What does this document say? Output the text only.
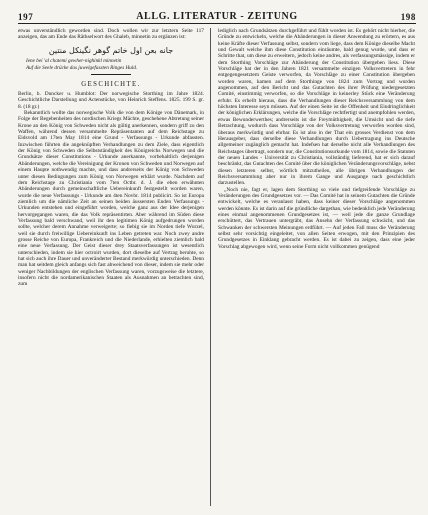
197	ALLG. LITERATUR - ZEITUNG	198

etwas unverständlich geworden sind. Doch wollen wir zur letztern Seite 117 anzeigen, das am Ende das Räthselwort des Ghaleb, minnetin zu ergänzen ist:

جانه بعن اول خاتم گوهر نگینکل منتین
Iene bei 'al chatemi gewher-nighinkl minnetin
Auf die Seele drücke das juwelgefassten Ringes Huld.
GESCHICHTE.

Berlin, b. Duncker u. Humblot: Der norwegische Storthing im Jahre 1824. Geschichtliche Darstellung und Actenstücke, von Heinrich Steffens. 1825. 199 S. gr. 8. (18 gr.)

Bekanntlich wollte das norwegische Volk die von dem Könige von Dänemark, in Folge der Begebenheiten des nordischen Kriegs Mächte, geschehene Abtretung seiner Krone an den König von Schweden nicht als gültig anerkennen, sondern griff zu den Waffen, während dessen versammelte Repräsentanten auf dem Reichstage zu Eidsvold am 17ten May 1814 eine Grund - Verfassungs - Urkunde abfassten. Inzwischen führten die angeknüpften Verhandlungen zu dem Ziele, dass eigentlich der König von Schweden die Selbstständigkeit des Königreichs Norwegen und die Grundsätze dieser Constitutions - Urkunde anerkannte, vorbehaltlich derjenigen Abänderungen, welche die Vereinigung der Kronen von Schweden und Norwegen auf einem Haupte nothwendig machte, und dass andrerseits der König von Schweden unter diesen Bedingungen zum König von Norwegen erklärt wurde. Nachdem auf dem Reichstage zu Christiania vom 7ten Octbr. d. J. die eben erwähnten Abänderungen durch gemeinschaftliche Uebereinkunft festgestellt worden waren, wurde die neue Verfassungs - Urkunde am 4ten Novbr. 1814 publicirt. So ist Europa ziemlich um die nämliche Zeit an seinen beiden äussersten Enden Verfassungs - Urkunden entstehen und eingeführt worden, welche ganz aus der Idee derjenigen hervorgegangen waren, die das Volk repräsentirten. Aber während im Süden diese Verfassung bald verschwand, weil ihr den legitimen König aufgedrungen worden sollte, welcher derem Annahme verweigerte; so fiebig sie im Norden tiefe Wurzel, weil sie durch freiwillige Uebereinkunft ins Leben getreten war. Noch zwey andre grosse Reiche von Europa, Frankreich und die Niederlande, erhielten ziemlich bald eine neue Verfassung. Der Geist dieser drey Staatsverfassungen ist wesentlich unterschieden, indem sie hier octroirt wurden, dort dieselbe auf Vertrag beruhte, so hat sich auch ihre Dauer und unveränderter Bestand merkwürdig unterschieden. Denn man hat seitdem gleich anfangs sich fast abweichend von dieser, indem sie mehr oder weniger Nachbildungen der englischen Verfassung waren, vorzugsweise die letztere, insofern nicht die nordamerikanischen Staaten als Ausnahmen an betrachten sind, zum

lediglich nach Grundsätzen durchgeführt und fühlt worden ist. Es gehört nicht hierher, die Gründe zu entwickeln, welche die Abänderungen in dieser Anwendung zu erörtern, es aus keine Kräfte dieser Verfassung selbst, sondern vom liege, dass dem Könige dieselbe Macht und Gewalt welche ihm diese Constitution einräumte, bald genug wurde, und dass er Schritte that, um diese zu erweitern, jedoch keine andres, als verfassungsmässige, indem er dem Storthing Vorschläge zur Abänderung der Constitution übergeben liess. Diese Vorschläge hat der in den Jahren 1821 versammelte einzigen Volksvertretern in fehr entgegengesetztem Geiste verworfen, da Vorschläge zu einer Constitution übergeben worden waren, kamen auf dem Storthinge von 1824 zum Vortrag und wurden angenommen, auf den Bericht und das Gutachten des ihrer Prüfung niedergesetzten Comité, einstimmig verworfen, so die Vorschläge in keinerley Stück eine Veränderung erfuhr. Es erhellt hieraus, dass die Verhandlungen dieser Reichsversammlung von dem höchsten Interesse seyn müssen. Auf der einen Seite ist die Offenheit und Eindringlichkeit der königlichen Erklärungen, welche die Vorschläge rechtfertigt und anempfohlen werden, etwas Bewunderwerthes; andrerseits ist die Freymüthigkeit, die Umsicht und die tiefe Betrachtung, wodurch dass Vorschläge von der Volksvertretung verworfen worden sind, überaus merkwürdig und ehrbar. Es ist also in der That ein grosses Verdienst von dem Herausgeber, dass derselbe diese Verhandlungen durch Uebertragung ins Deutsche allgemeiner zugänglich gemacht hat. Indefsen hat derselbe nicht alle Verhandlungen des Reichstages übertragt, sondern nur, die Constitutionsurkunde vom 1814, sowie die Statuten der neuen Landes - Universität zu Christiania, vollständig lieferend, hat er sich darauf beschränkt, das Gutachten des Comité über die königlichen Veränderungsvorschläge, nebst diesen letzteren selbst, wörtlich mitzutheilen, alle übrigen Verhandlungen der Reichsversammlung aber nur in ihrem Gange und Ausgange nach geschichtlich darzustellen.

„Noch nie, fagt er, lagen dem Storthing so viele und tiefgreifende Vorschläge zu Veränderungen des Grundgesetzes vor. — Das Comité hat in seinem Gutachten die Gründe entwickelt, welche es veranlasst haben, dass keiner dieser Vorschläge angenommen werden könnte. Es ist darin auf die gründliche dargethan, wie bedenklich jede Veränderung eines einmal angenommenen Grundgesetzes ist, — weil jede die ganze Grundlage erschüttert, das Vertrauen untergräbt, das Ansehn der Verfassung schwächt, und das Schwanken der schwersten Meinungen erdführt. — Auf jeden Fall muss die Veränderung selbst sehr vorsichtig eingeleitet, von allen Seiten erwogen, mit den Prinzipien des Grundgesetzes in Einklang gebracht werden. Es ist dabei zu zeigen, dass eine jeder Vorschlag abgewogen wird, wenn seine Form nicht vollkommen genügend
